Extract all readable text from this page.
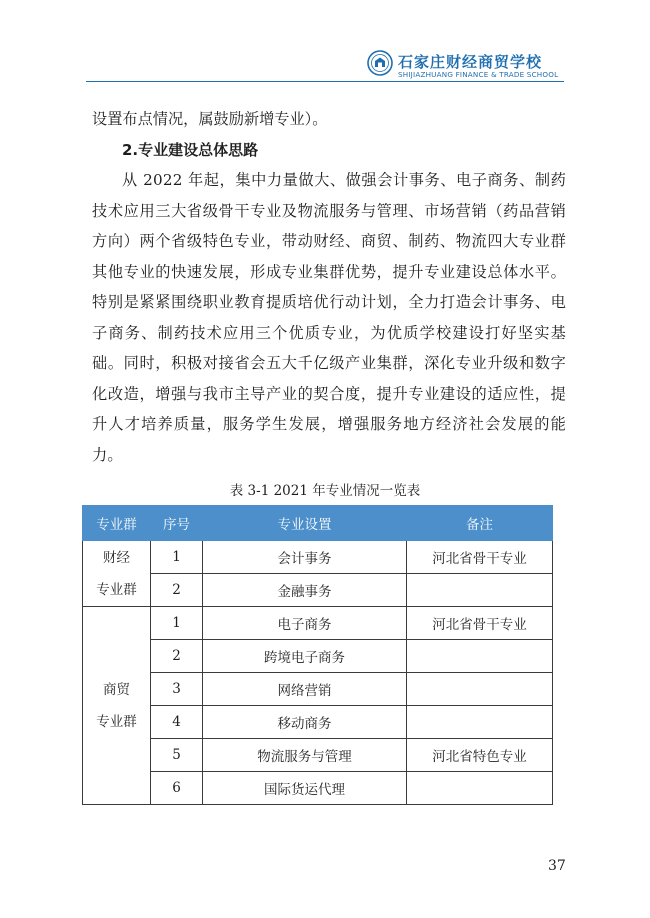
石家庄财经商贸学校
SHIJIAZHUANG FINANCE & TRADE SCHOOL

设置布点情况，属鼓励新增专业）。

2.专业建设总体思路

从 2022 年起，集中力量做大、做强会计事务、电子商务、制药技术应用三大省级骨干专业及物流服务与管理、市场营销（药品营销方向）两个省级特色专业，带动财经、商贸、制药、物流四大专业群其他专业的快速发展，形成专业集群优势，提升专业建设总体水平。特别是紧紧围绕职业教育提质培优行动计划，全力打造会计事务、电子商务、制药技术应用三个优质专业，为优质学校建设打好坚实基础。同时，积极对接省会五大千亿级产业集群，深化专业升级和数字化改造，增强与我市主导产业的契合度，提升专业建设的适应性，提升人才培养质量，服务学生发展，增强服务地方经济社会发展的能力。

表 3-1 2021 年专业情况一览表
专业群	序号	专业设置	备注

财经
专业群	1	会计事务	河北省骨干专业
	2	金融事务	

商贸
专业群	1	电子商务	河北省骨干专业
	2	跨境电子商务	
	3	网络营销	
	4	移动商务	
	5	物流服务与管理	河北省特色专业
	6	国际货运代理	
37
